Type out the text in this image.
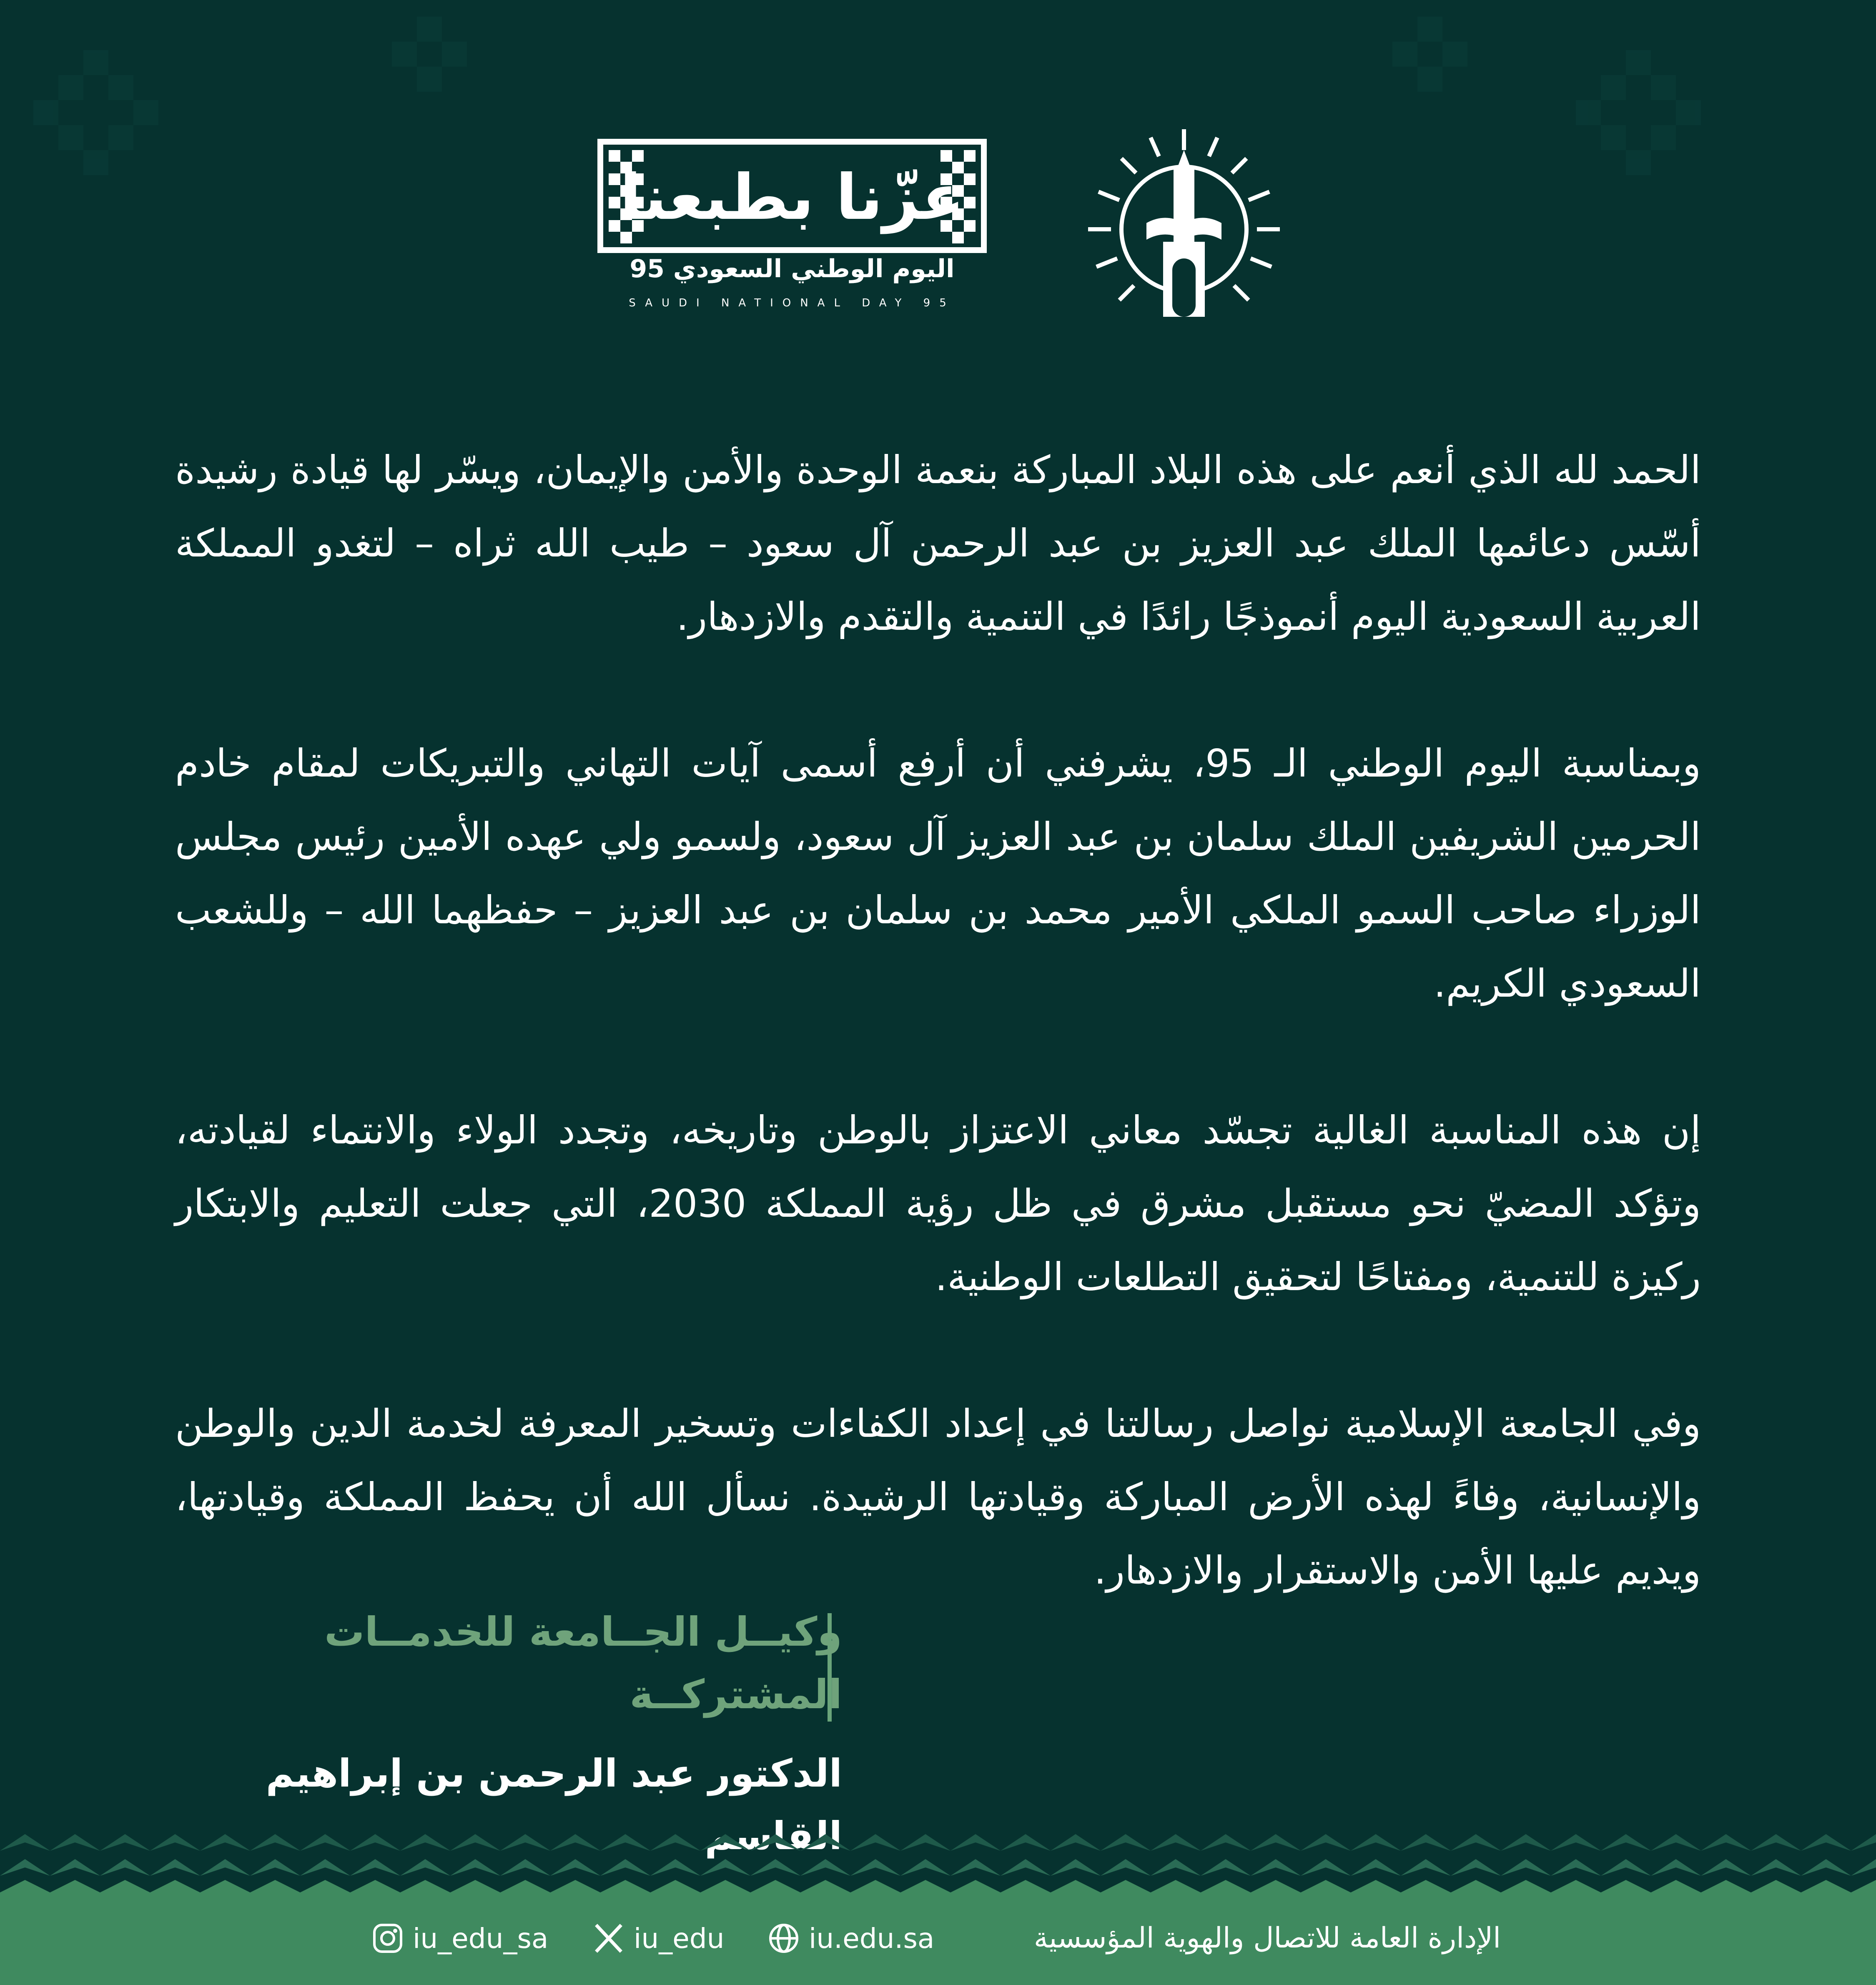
عزّنا بطبعنا
اليوم الوطني السعودي 95
SAUDI NATIONAL DAY 95

الحمد لله الذي أنعم على هذه البلاد المباركة بنعمة الوحدة والأمن والإيمان، ويسّر لها قيادة رشيدة أسّس دعائمها الملك عبد العزيز بن عبد الرحمن آل سعود – طيب الله ثراه – لتغدو المملكة العربية السعودية اليوم أنموذجًا رائدًا في التنمية والتقدم والازدهار.

وبمناسبة اليوم الوطني الـ 95، يشرفني أن أرفع أسمى آيات التهاني والتبريكات لمقام خادم الحرمين الشريفين الملك سلمان بن عبد العزيز آل سعود، ولسمو ولي عهده الأمين رئيس مجلس الوزراء صاحب السمو الملكي الأمير محمد بن سلمان بن عبد العزيز – حفظهما الله – وللشعب السعودي الكريم.

إن هذه المناسبة الغالية تجسّد معاني الاعتزاز بالوطن وتاريخه، وتجدد الولاء والانتماء لقيادته، وتؤكد المضيّ نحو مستقبل مشرق في ظل رؤية المملكة 2030، التي جعلت التعليم والابتكار ركيزة للتنمية، ومفتاحًا لتحقيق التطلعات الوطنية.

وفي الجامعة الإسلامية نواصل رسالتنا في إعداد الكفاءات وتسخير المعرفة لخدمة الدين والوطن والإنسانية، وفاءً لهذه الأرض المباركة وقيادتها الرشيدة. نسأل الله أن يحفظ المملكة وقيادتها، ويديم عليها الأمن والاستقرار والازدهار.

وكيــل الجــامعة للخدمــات المشتركــة
الدكتور عبد الرحمن بن إبراهيم
الإدارة العامة للاتصال والهوية المؤسسية
iu.edu.sa
iu_edu
iu_edu_sa
